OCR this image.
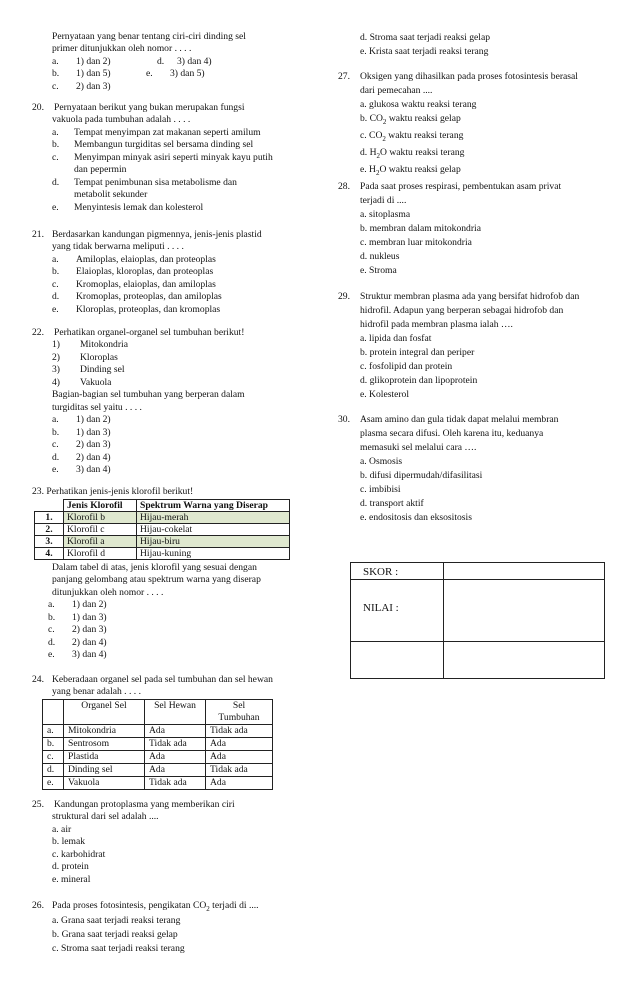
Pernyataan yang benar tentang ciri-ciri dinding sel
primer ditunjukkan oleh nomor . . . .
a. 1) dan 2)	d. 3) dan 4)
b. 1) dan 5)	e. 3) dan 5)
c. 2) dan 3)
20. Pernyataan berikut yang bukan merupakan fungsi
vakuola pada tumbuhan adalah . . . .
a.	Tempat menyimpan zat makanan seperti amilum
b.	Membangun turgiditas sel bersama dinding sel
c.	Menyimpan minyak asiri seperti minyak kayu putih
dan pepermin
d.	Tempat penimbunan sisa metabolisme dan
metabolit sekunder
e.	Menyintesis lemak dan kolesterol
21. Berdasarkan kandungan pigmennya, jenis-jenis plastid
yang tidak berwarna meliputi . . . .
a.	Amiloplas, elaioplas, dan proteoplas
b.	Elaioplas, kloroplas, dan proteoplas
c.	Kromoplas, elaioplas, dan amiloplas
d.	Kromoplas, proteoplas, dan amiloplas
e.	Kloroplas, proteoplas, dan kromoplas
22. Perhatikan organel-organel sel tumbuhan berikut!
1)	Mitokondria
2)	Kloroplas
3)	Dinding sel
4)	Vakuola
Bagian-bagian sel tumbuhan yang berperan dalam
turgiditas sel yaitu . . . .
a.	1) dan 2)
b.	1) dan 3)
c.	2) dan 3)
d.	2) dan 4)
e.	3) dan 4)
23. Perhatikan jenis-jenis klorofil berikut!
	Jenis Klorofil	Spektrum Warna yang Diserap
1.	Klorofil b	Hijau-merah
2.	Klorofil c	Hijau-cokelat
3.	Klorofil a	Hijau-biru
4.	Klorofil d	Hijau-kuning
Dalam tabel di atas, jenis klorofil yang sesuai dengan
panjang gelombang atau spektrum warna yang diserap
ditunjukkan oleh nomor . . . .
a.	1) dan 2)
b.	1) dan 3)
c.	2) dan 3)
d.	2) dan 4)
e.	3) dan 4)
24. Keberadaan organel sel pada sel tumbuhan dan sel hewan
yang benar adalah . . . .
	Organel Sel	Sel Hewan	Sel Tumbuhan

a.	Mitokondria	Ada	Tidak ada
b.	Sentrosom	Tidak ada	Ada
c.	Plastida	Ada	Ada
d.	Dinding sel	Ada	Tidak ada
e.	Vakuola	Tidak ada	Ada
25. Kandungan protoplasma yang memberikan ciri
struktural dari sel adalah ....
a. air
b. lemak
c. karbohidrat
d. protein
e. mineral
26. Pada proses fotosintesis, pengikatan $CO_2$ terjadi di ....
a. Grana saat terjadi reaksi terang
b. Grana saat terjadi reaksi gelap
c. Stroma saat terjadi reaksi terang
d. Stroma saat terjadi reaksi gelap
e. Krista saat terjadi reaksi terang
27. Oksigen yang dihasilkan pada proses fotosintesis berasal
dari pemecahan ....
a. glukosa waktu reaksi terang
b. $CO_2$ waktu reaksi gelap
c. $CO_2$ waktu reaksi terang
d. $H_2O$ waktu reaksi terang
e. $H_2O$ waktu reaksi gelap
28. Pada saat proses respirasi, pembentukan asam privat
terjadi di ....
a. sitoplasma
b. membran dalam mitokondria
c. membran luar mitokondria
d. nukleus
e. Stroma
29. Struktur membran plasma ada yang bersifat hidrofob dan
hidrofil. Adapun yang berperan sebagai hidrofob dan
hidrofil pada membran plasma ialah ….
a. lipida dan fosfat
b. protein integral dan periper
c. fosfolipid dan protein
d. glikoprotein dan lipoprotein
e. Kolesterol
30. Asam amino dan gula tidak dapat melalui membran
plasma secara difusi. Oleh karena itu, keduanya
memasuki sel melalui cara ….
a. Osmosis
b. difusi dipermudah/difasilitasi
c. imbibisi
d. transport aktif
e. endositosis dan eksositosis
SKOR :
NILAI :
